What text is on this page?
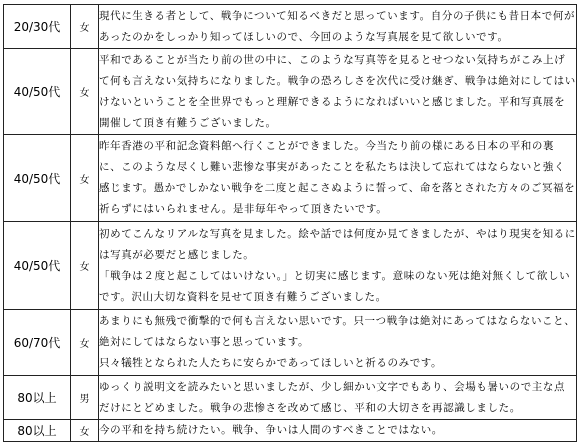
20/30代	女	現代に生きる者として、戦争について知るべきだと思っています。自分の子供にも昔日本で何があったのかをしっかり知ってほしいので、今回のような写真展を見て欲しいです。

40/50代	女	平和であることが当たり前の世の中に、このような写真等を見るとせつない気持ちがこみ上げて何も言えない気持ちになりました。戦争の恐ろしさを次代に受け継ぎ、戦争は絶対にしてはいけないということを全世界でもっと理解できるようになればいいと感じました。平和写真展を開催して頂き有難うございました。

40/50代	女	昨年香港の平和記念資料館へ行くことができました。今当たり前の様にある日本の平和の裏に、このような尽くし難い悲惨な事実があったことを私たちは決して忘れてはならないと強く感じます。愚かでしかない戦争を二度と起こさぬように誓って、命を落とされた方々のご冥福を祈らずにはいられません。是非毎年やって頂きたいです。

40/50代	女	初めてこんなリアルな写真を見ました。絵や話では何度か見てきましたが、やはり現実を知るには写真が必要だと感じました。

「戦争は２度と起こしてはいけない。」と切実に感じます。意味のない死は絶対無くして欲しいです。沢山大切な資料を見せて頂き有難うございました。

60/70代	女	あまりにも無残で衝撃的で何も言えない思いです。只一つ戦争は絶対にあってはならないこと、絶対にしてはならない事と思っています。

只々犠牲となられた人たちに安らかであってほしいと祈るのみです。

80以上	男	ゆっくり説明文を読みたいと思いましたが、少し細かい文字でもあり、会場も暑いので主な点だけにとどめました。戦争の悲惨さを改めて感じ、平和の大切さを再認識しました。

80以上	女	今の平和を持ち続けたい。戦争、争いは人間のすべきことではない。
